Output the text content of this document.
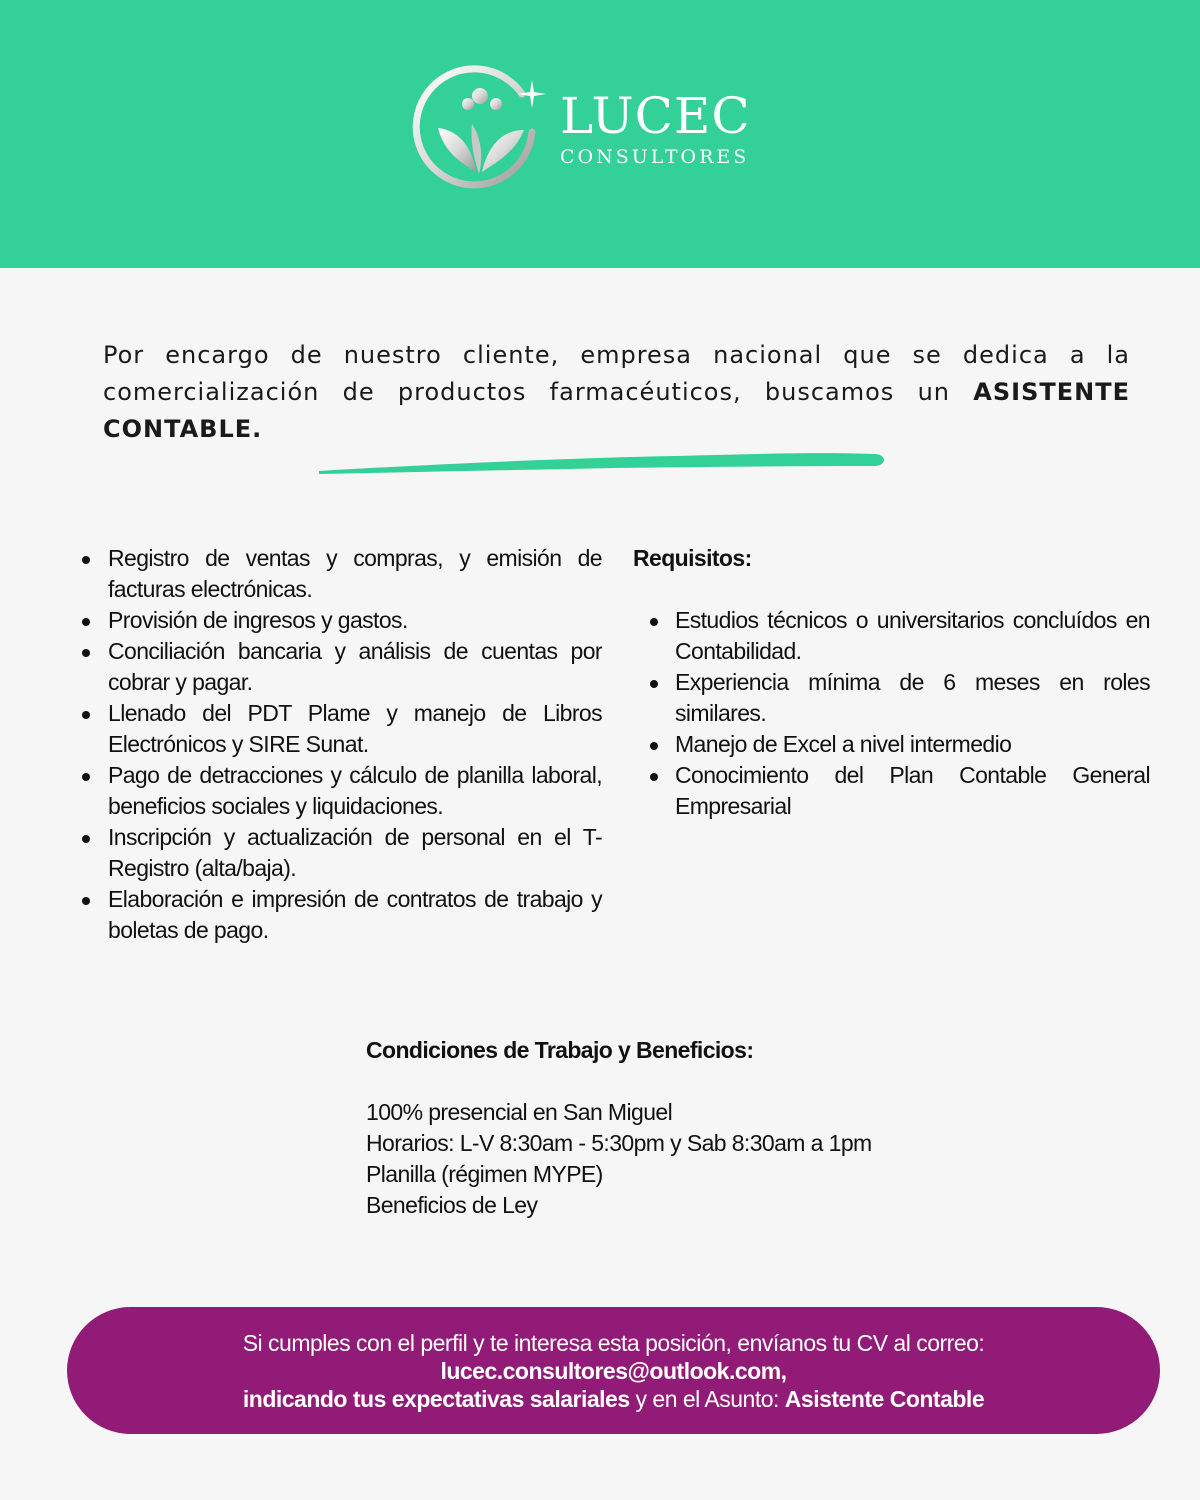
LUCEC
CONSULTORES
Por encargo de nuestro cliente, empresa nacional que se dedica a la comercialización de productos farmacéuticos, buscamos un ASISTENTE CONTABLE.
Registro de ventas y compras, y emisión de facturas electrónicas.
Provisión de ingresos y gastos.
Conciliación bancaria y análisis de cuentas por cobrar y pagar.
Llenado del PDT Plame y manejo de Libros Electrónicos y SIRE Sunat.
Pago de detracciones y cálculo de planilla laboral, beneficios sociales y liquidaciones.
Inscripción y actualización de personal en el T-Registro (alta/baja).
Elaboración e impresión de contratos de trabajo y boletas de pago.
Requisitos:
Estudios técnicos o universitarios concluídos en Contabilidad.
Experiencia mínima de 6 meses en roles similares.
Manejo de Excel a nivel intermedio
Conocimiento del Plan Contable General Empresarial
Condiciones de Trabajo y Beneficios:
100% presencial en San Miguel
Horarios: L-V 8:30am - 5:30pm y Sab 8:30am a 1pm
Planilla (régimen MYPE)
Beneficios de Ley
Si cumples con el perfil y te interesa esta posición, envíanos tu CV al correo:
lucec.consultores@outlook.com,
indicando tus expectativas salariales y en el Asunto: Asistente Contable
